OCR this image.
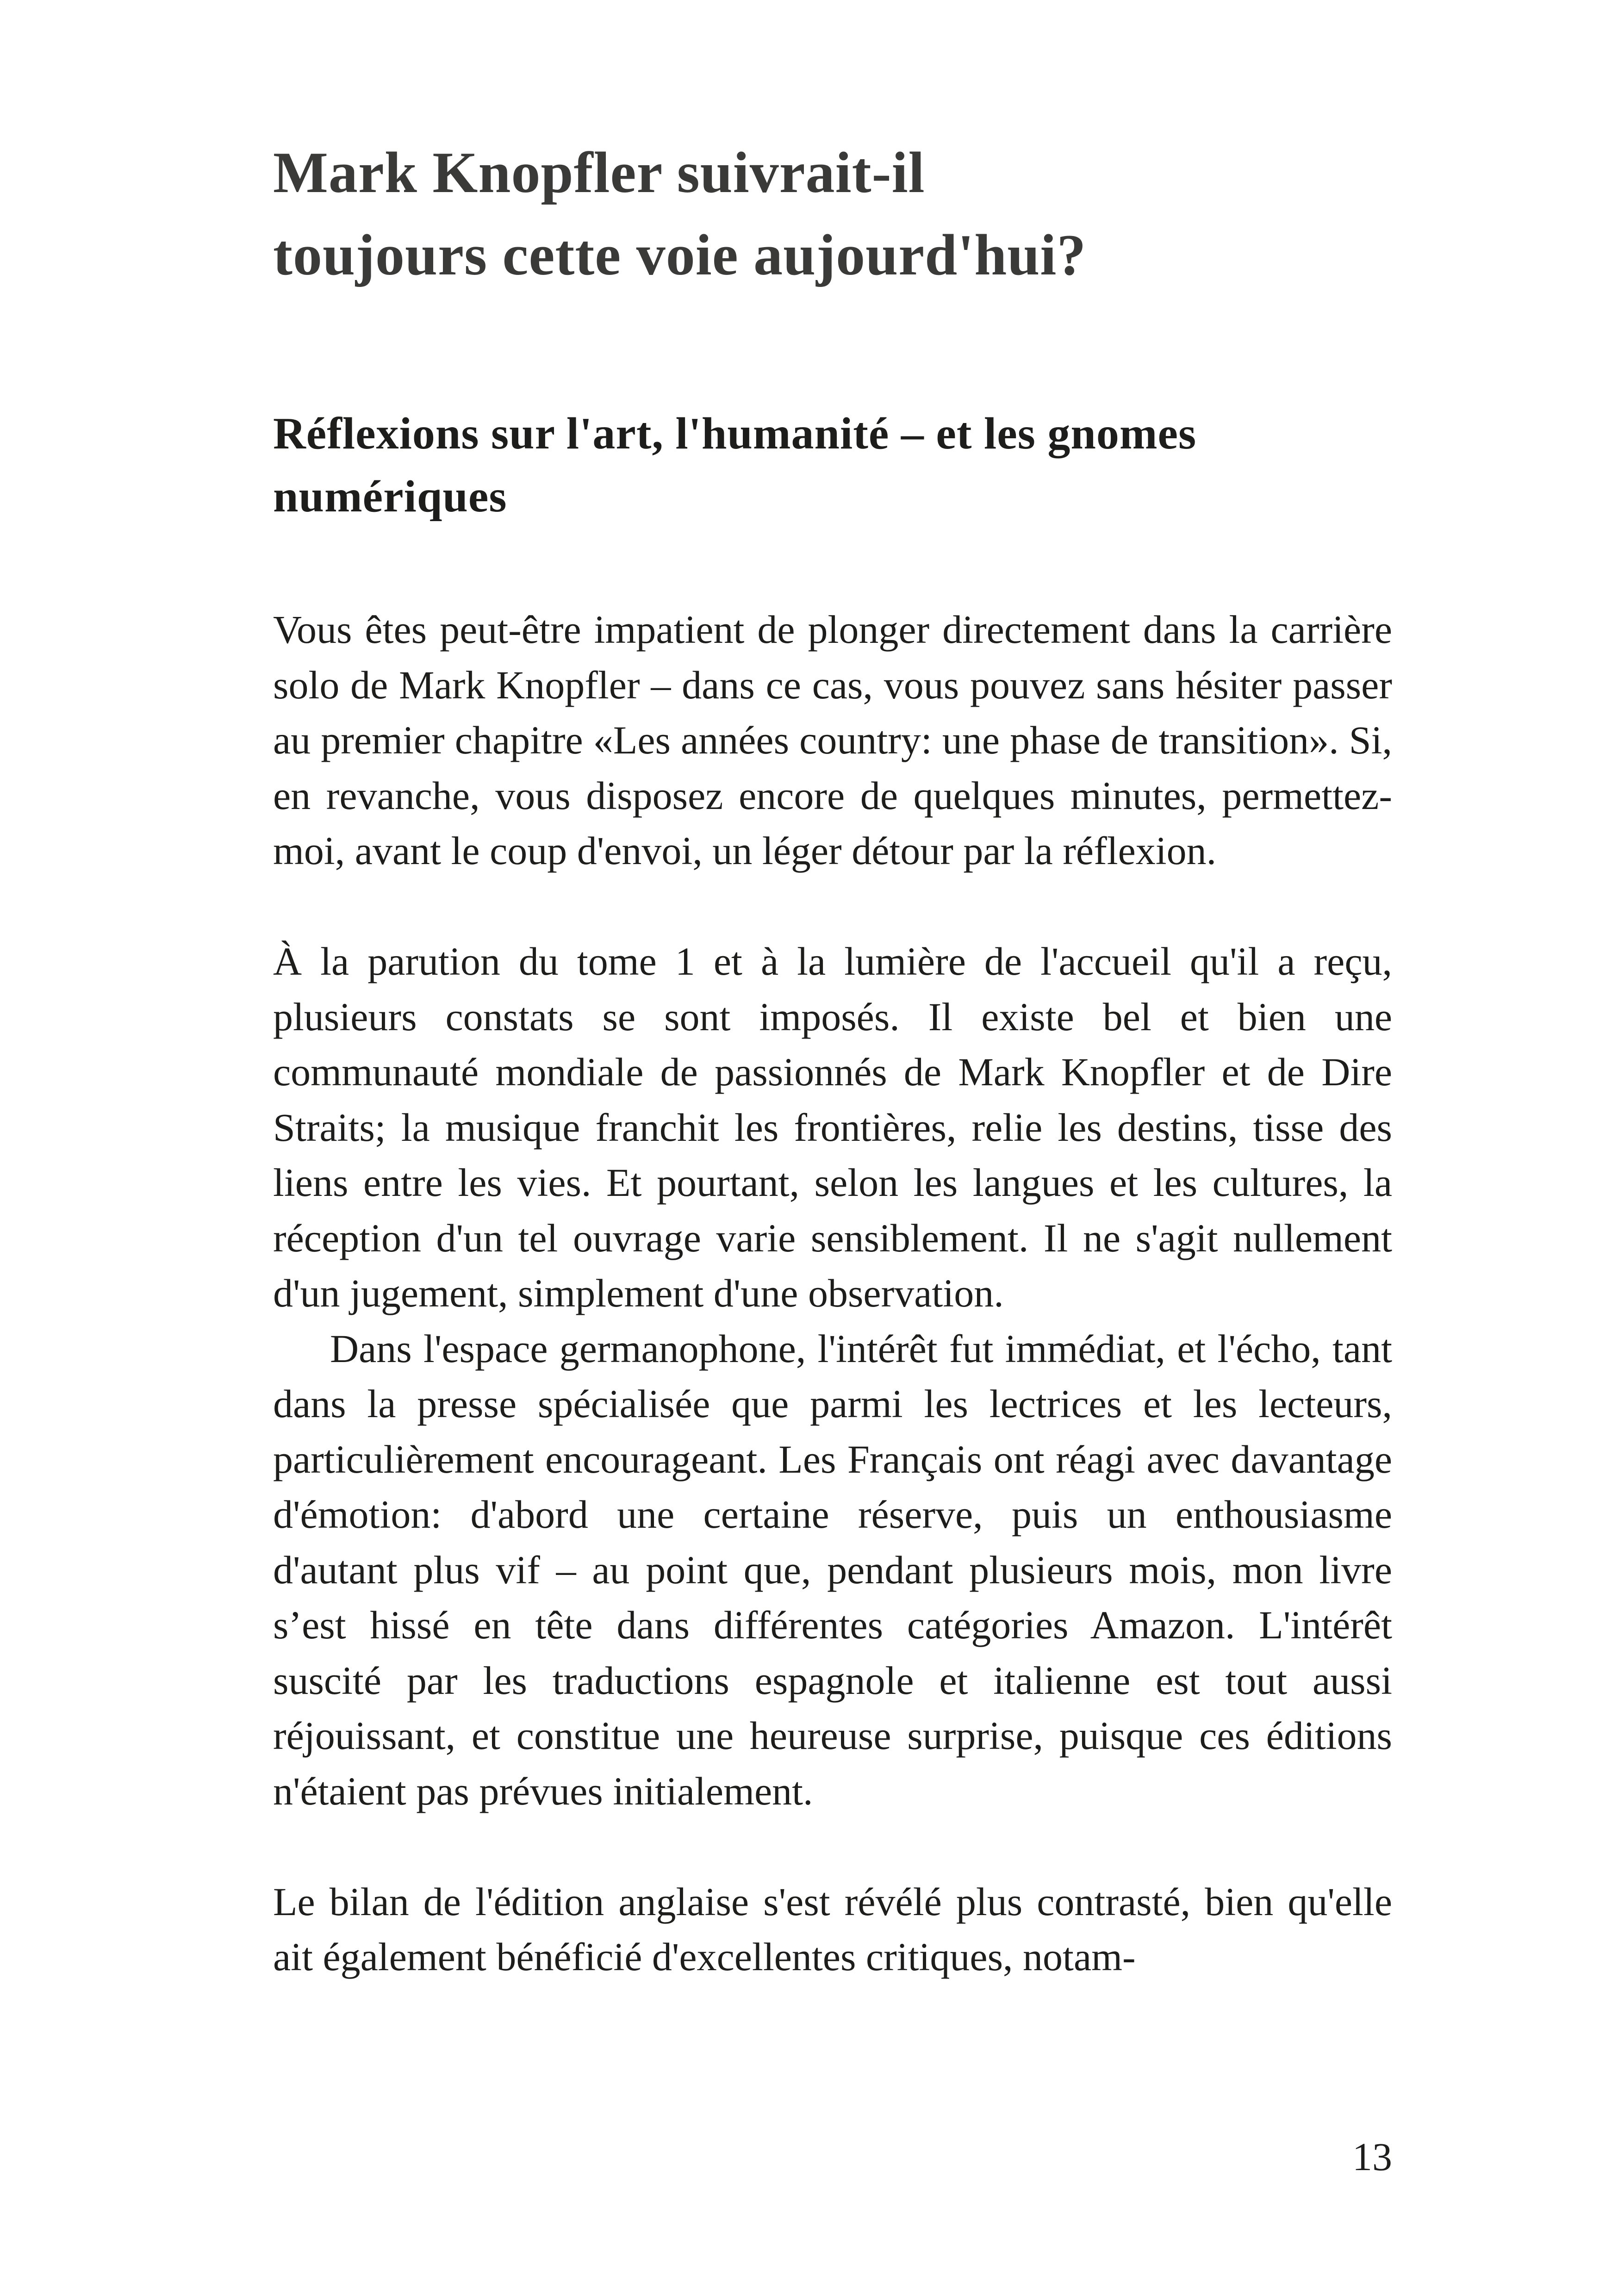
Mark Knopfler suivrait-il
toujours cette voie aujourd'hui?
Réflexions sur l'art, l'humanité – et les gnomes numériques

Vous êtes peut-être impatient de plonger directement dans la carrière solo de Mark Knopfler – dans ce cas, vous pouvez sans hésiter passer au premier chapitre «Les années country: une phase de transition». Si, en revanche, vous disposez encore de quelques minutes, permettez-moi, avant le coup d'envoi, un léger détour par la réflexion.

À la parution du tome 1 et à la lumière de l'accueil qu'il a reçu, plusieurs constats se sont imposés. Il existe bel et bien une communauté mondiale de passionnés de Mark Knopfler et de Dire Straits; la musique franchit les frontières, relie les destins, tisse des liens entre les vies. Et pourtant, selon les langues et les cultures, la réception d'un tel ouvrage varie sensiblement. Il ne s'agit nullement d'un jugement, simplement d'une observation.

Dans l'espace germanophone, l'intérêt fut immédiat, et l'écho, tant dans la presse spécialisée que parmi les lectrices et les lecteurs, particulièrement encourageant. Les Français ont réagi avec davantage d'émotion: d'abord une certaine réserve, puis un enthousiasme d'autant plus vif – au point que, pendant plusieurs mois, mon livre s’est hissé en tête dans différentes catégories Amazon. L'intérêt suscité par les traductions espagnole et italienne est tout aussi réjouissant, et constitue une heureuse surprise, puisque ces éditions n'étaient pas prévues initialement.

Le bilan de l'édition anglaise s'est révélé plus contrasté, bien qu'elle ait également bénéficié d'excellentes critiques, notam-

13
